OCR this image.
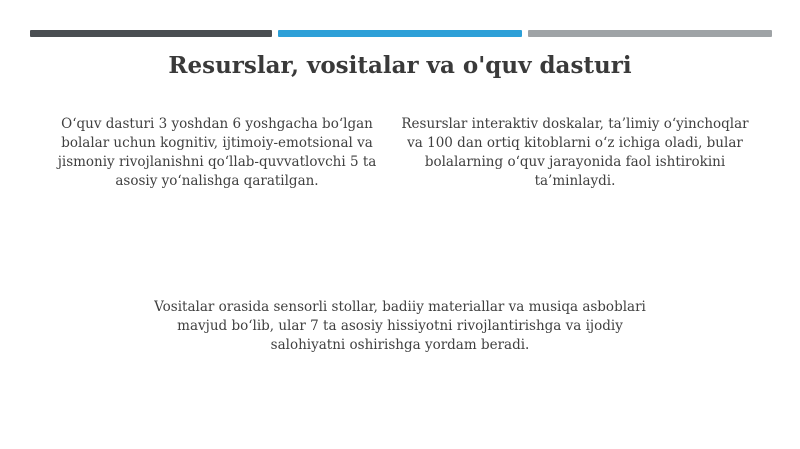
Resurslar, vositalar va o'quv dasturi
O‘quv dasturi 3 yoshdan 6 yoshgacha bo‘lgan bolalar uchun kognitiv, ijtimoiy-emotsional va jismoniy rivojlanishni qo‘llab-quvvatlovchi 5 ta asosiy yo‘nalishga qaratilgan.
Resurslar interaktiv doskalar, ta’limiy o‘yinchoqlar va 100 dan ortiq kitoblarni o‘z ichiga oladi, bular bolalarning o‘quv jarayonida faol ishtirokini ta’minlaydi.
Vositalar orasida sensorli stollar, badiiy materiallar va musiqa asboblari mavjud bo‘lib, ular 7 ta asosiy hissiyotni rivojlantirishga va ijodiy salohiyatni oshirishga yordam beradi.
